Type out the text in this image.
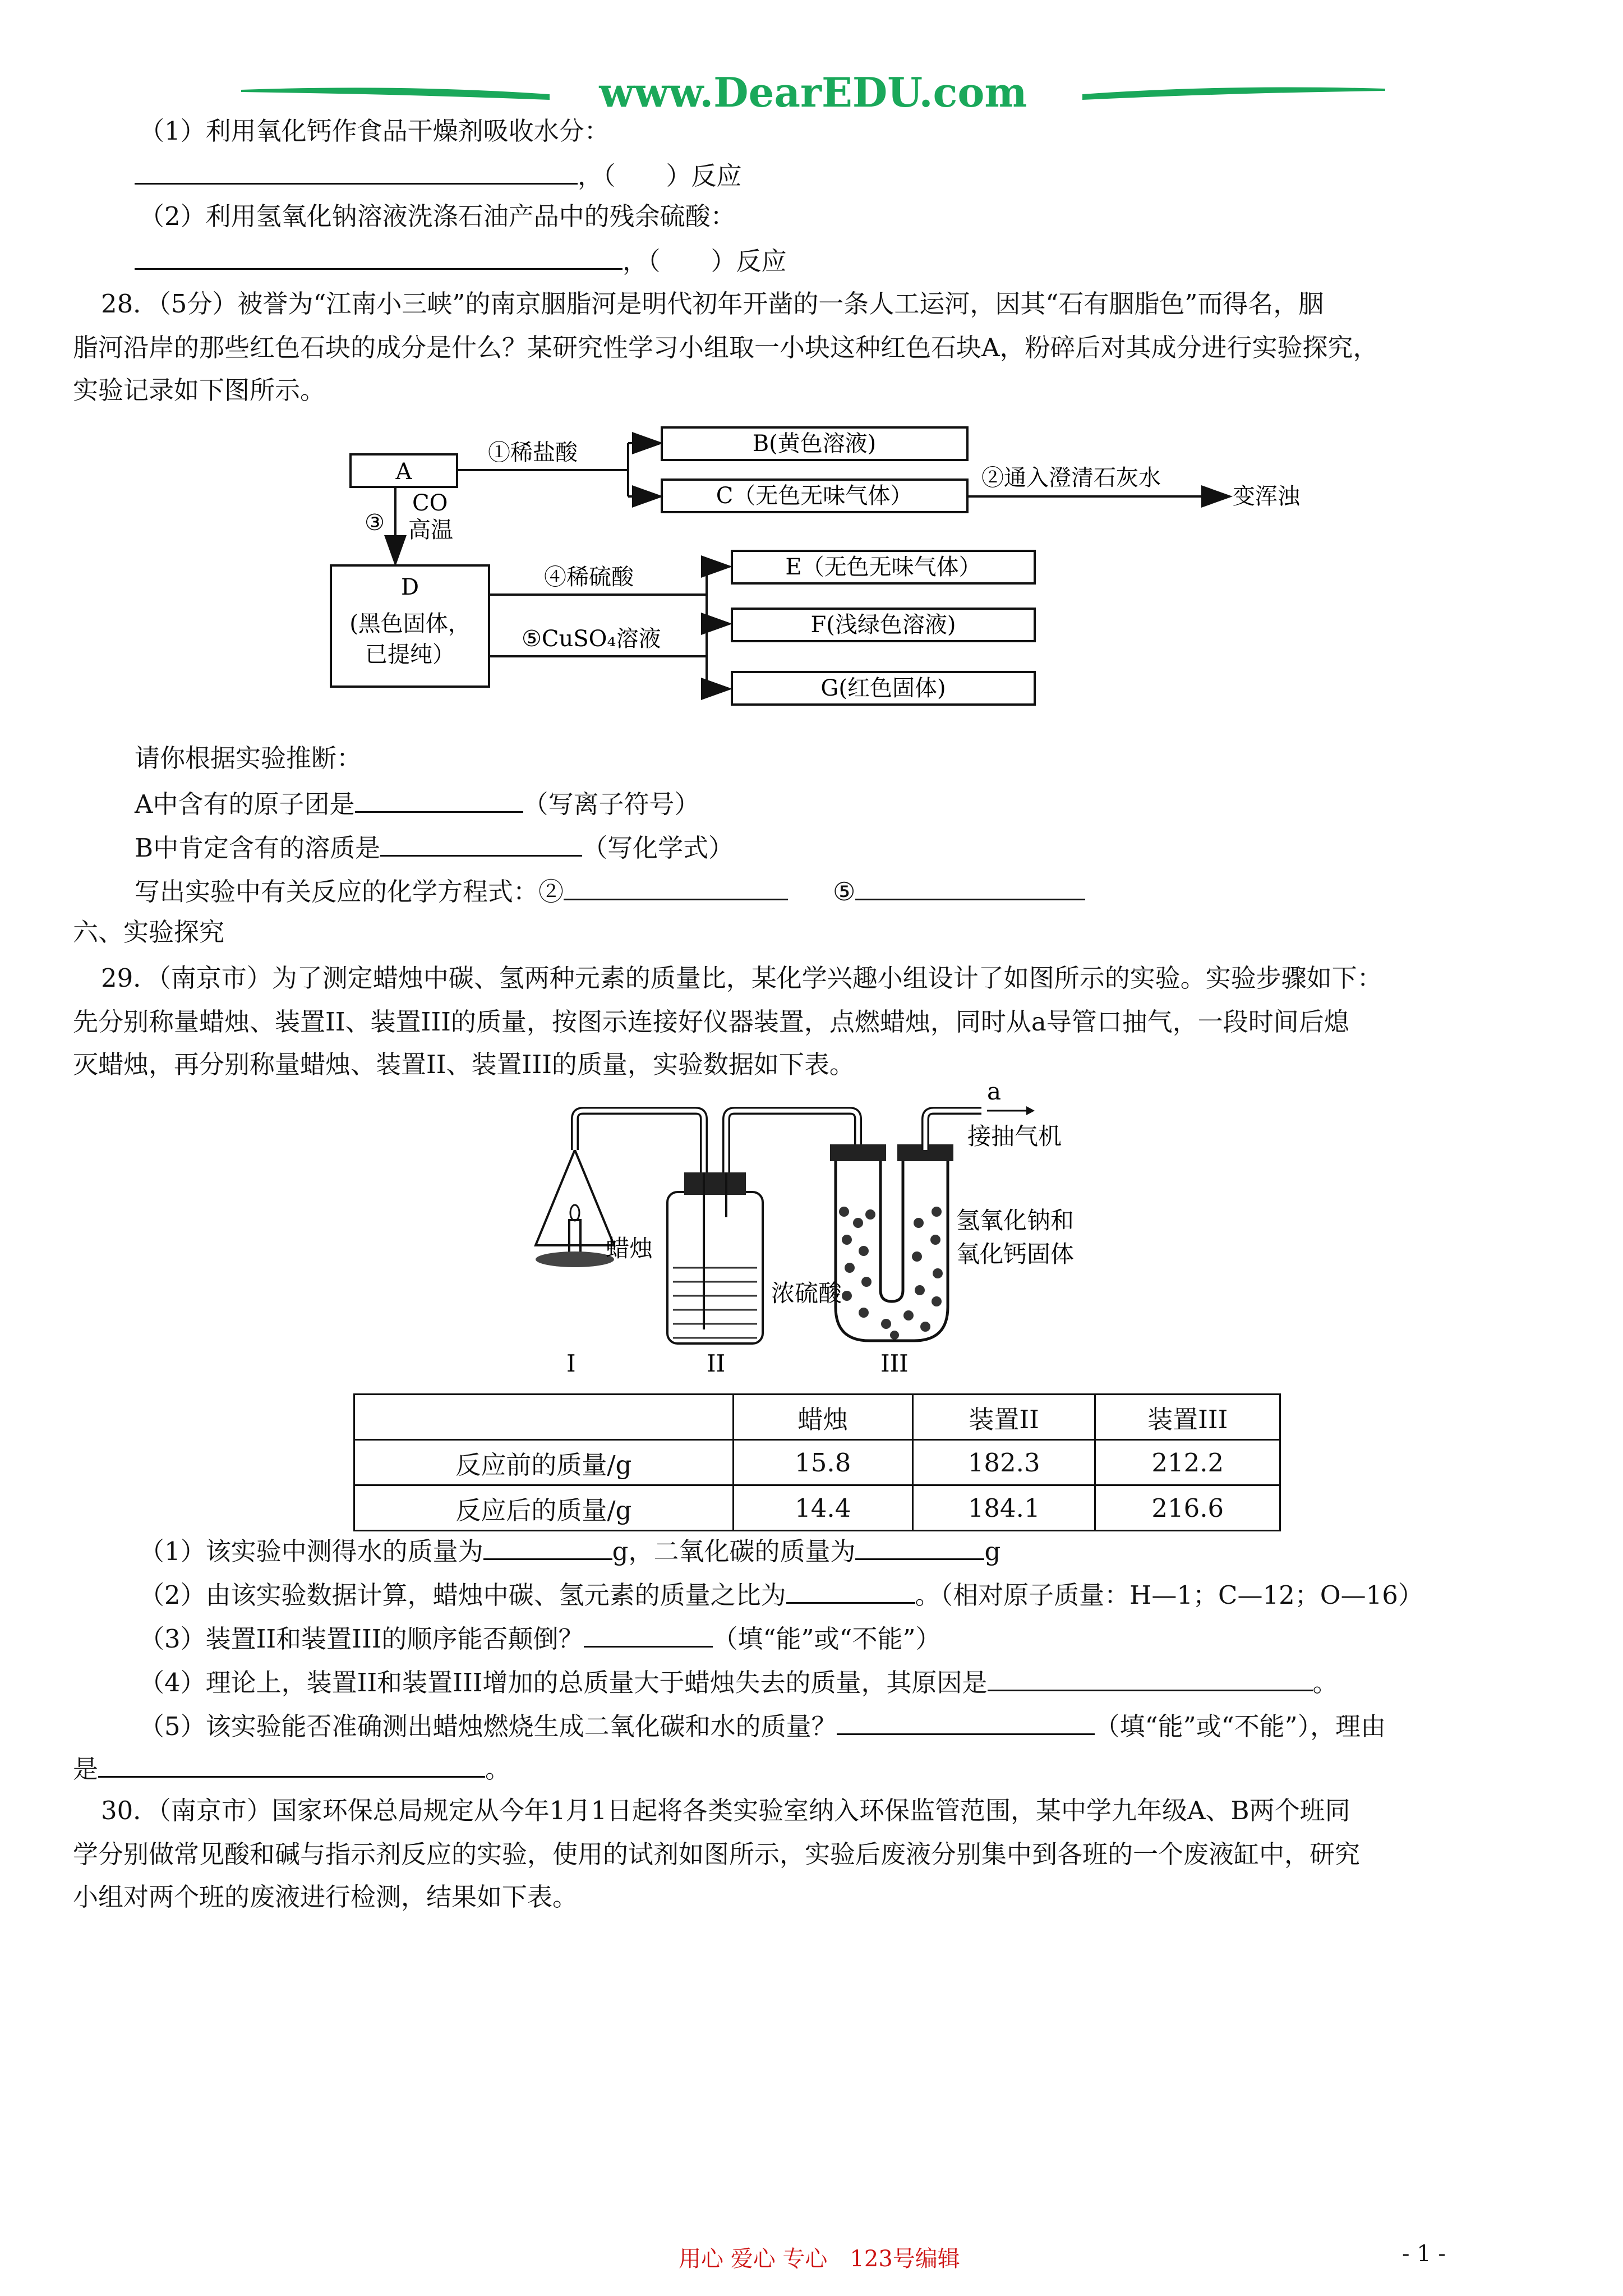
www.DearEDU.com
（1）利用氧化钙作食品干燥剂吸收水分：
，（　　）反应
（2）利用氢氧化钠溶液洗涤石油产品中的残余硫酸：
，（　　）反应
28．（5分）被誉为“江南小三峡”的南京胭脂河是明代初年开凿的一条人工运河，因其“石有胭脂色”而得名，胭
脂河沿岸的那些红色石块的成分是什么？某研究性学习小组取一小块这种红色石块A，粉碎后对其成分进行实验探究，
实验记录如下图所示。
A
①稀盐酸	B(黄色溶液)
C（无色无味气体）
②通入澄清石灰水
变浑浊
③
CO
高温
D
(黑色固体，
已提纯）
④稀硫酸
⑤CuSO₄溶液
E（无色无味气体）
F(浅绿色溶液)
G(红色固体)
请你根据实验推断：
A中含有的原子团是	（写离子符号）
B中肯定含有的溶质是	（写化学式）
写出实验中有关反应的化学方程式：②	⑤
六、实验探究
29．（南京市）为了测定蜡烛中碳、氢两种元素的质量比，某化学兴趣小组设计了如图所示的实验。实验步骤如下：
先分别称量蜡烛、装置II、装置III的质量，按图示连接好仪器装置，点燃蜡烛，同时从a导管口抽气，一段时间后熄
灭蜡烛，再分别称量蜡烛、装置II、装置III的质量，实验数据如下表。
蜡烛
浓硫酸
a
接抽气机
氢氧化钠和
氧化钙固体
I	II	III
	蜡烛	装置II	装置III
反应前的质量/g	15.8	182.3	212.2
反应后的质量/g	14.4	184.1	216.6
（1）该实验中测得水的质量为	g，二氧化碳的质量为	g
（2）由该实验数据计算，蜡烛中碳、氢元素的质量之比为	。（相对原子质量：H—1；C—12；O—16）
（3）装置II和装置III的顺序能否颠倒？	（填“能”或“不能”）
（4）理论上，装置II和装置III增加的总质量大于蜡烛失去的质量，其原因是	。
（5）该实验能否准确测出蜡烛燃烧生成二氧化碳和水的质量？	（填“能”或“不能”），理由
是	。
30．（南京市）国家环保总局规定从今年1月1日起将各类实验室纳入环保监管范围，某中学九年级A、B两个班同
学分别做常见酸和碱与指示剂反应的实验，使用的试剂如图所示，实验后废液分别集中到各班的一个废液缸中，研究
小组对两个班的废液进行检测，结果如下表。
用心 爱心 专心　123号编辑	- 1 -
